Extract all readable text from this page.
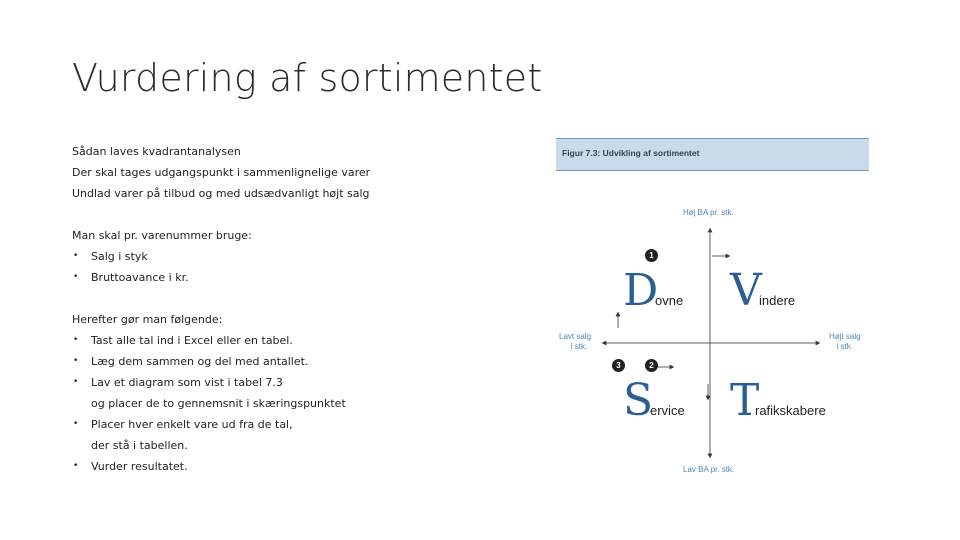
Vurdering af sortimentet
Sådan laves kvadrantanalysen
Der skal tages udgangspunkt i sammenlignelige varer
Undlad varer på tilbud og med udsædvanligt højt salg
Man skal pr. varenummer bruge:
• Salg i styk
• Bruttoavance i kr.
Herefter gør man følgende:
• Tast alle tal ind i Excel eller en tabel.
• Læg dem sammen og del med antallet.
• Lav et diagram som vist i tabel 7.3
og placer de to gennemsnit i skæringspunktet
• Placer hver enkelt vare ud fra de tal,
der stå i tabellen.
• Vurder resultatet.
Figur 7.3: Udvikling af sortimentet
Høj BA pr. stk.
Lav BA pr. stk.
Lavt salg
i stk.
Højt salg
i stk.
1
2
3
D
ovne V
indere
S
ervice T
rafikskabere
